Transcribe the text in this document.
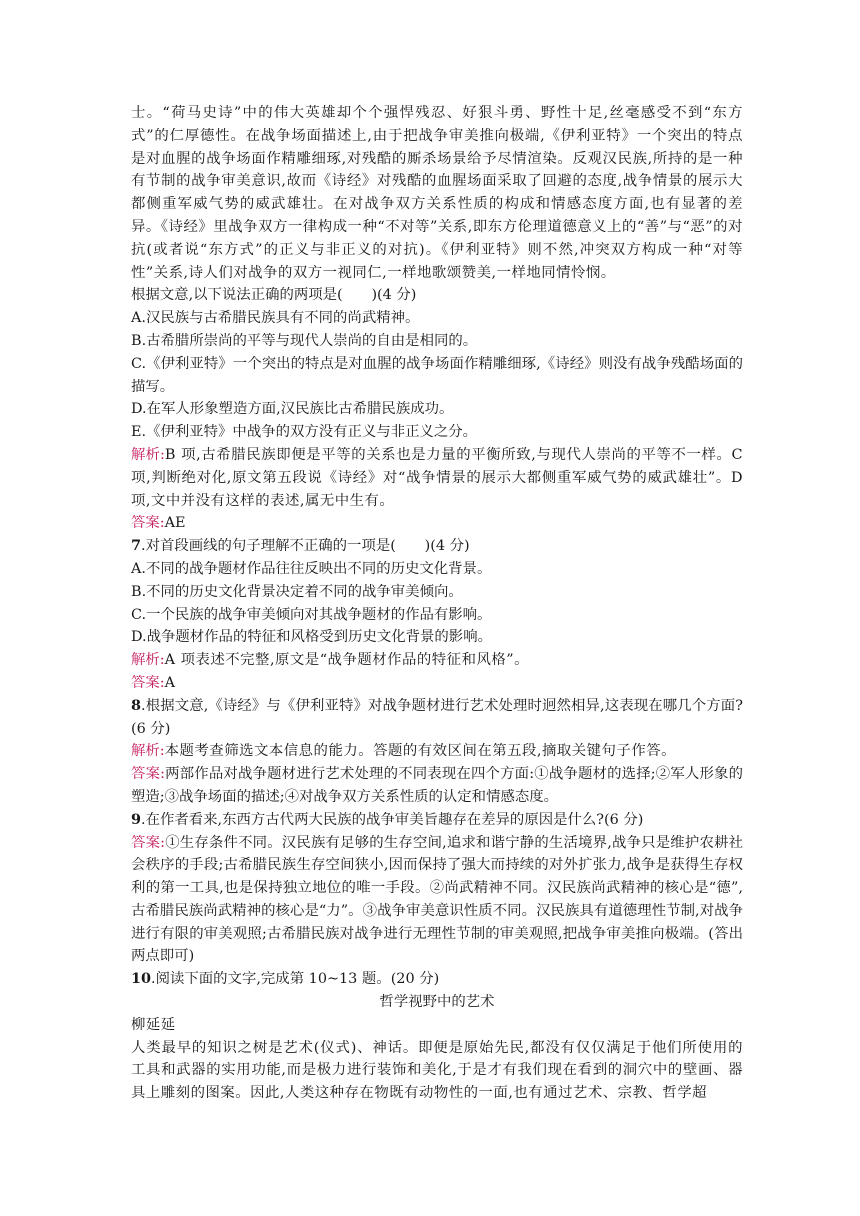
士。“荷马史诗”中的伟大英雄却个个强悍残忍、好狠斗勇、野性十足,丝毫感受不到“东方式”的仁厚德性。在战争场面描述上,由于把战争审美推向极端,《伊利亚特》一个突出的特点是对血腥的战争场面作精雕细琢,对残酷的厮杀场景给予尽情渲染。反观汉民族,所持的是一种有节制的战争审美意识,故而《诗经》对残酷的血腥场面采取了回避的态度,战争情景的展示大都侧重军威气势的威武雄壮。在对战争双方关系性质的构成和情感态度方面,也有显著的差异。《诗经》里战争双方一律构成一种“不对等”关系,即东方伦理道德意义上的“善”与“恶”的对抗(或者说“东方式”的正义与非正义的对抗)。《伊利亚特》则不然,冲突双方构成一种“对等性”关系,诗人们对战争的双方一视同仁,一样地歌颂赞美,一样地同情怜悯。

根据文意,以下说法正确的两项是(　　)(4 分)

A.汉民族与古希腊民族具有不同的尚武精神。

B.古希腊所崇尚的平等与现代人崇尚的自由是相同的。

C.《伊利亚特》一个突出的特点是对血腥的战争场面作精雕细琢,《诗经》则没有战争残酷场面的描写。

D.在军人形象塑造方面,汉民族比古希腊民族成功。

E.《伊利亚特》中战争的双方没有正义与非正义之分。

解析:B 项,古希腊民族即便是平等的关系也是力量的平衡所致,与现代人崇尚的平等不一样。C 项,判断绝对化,原文第五段说《诗经》对“战争情景的展示大都侧重军威气势的威武雄壮”。D 项,文中并没有这样的表述,属无中生有。

答案:AE

7.对首段画线的句子理解不正确的一项是(　　)(4 分)

A.不同的战争题材作品往往反映出不同的历史文化背景。

B.不同的历史文化背景决定着不同的战争审美倾向。

C.一个民族的战争审美倾向对其战争题材的作品有影响。

D.战争题材作品的特征和风格受到历史文化背景的影响。

解析:A 项表述不完整,原文是“战争题材作品的特征和风格”。

答案:A

8.根据文意,《诗经》与《伊利亚特》对战争题材进行艺术处理时迥然相异,这表现在哪几个方面?(6 分)

解析:本题考查筛选文本信息的能力。答题的有效区间在第五段,摘取关键句子作答。

答案:两部作品对战争题材进行艺术处理的不同表现在四个方面:①战争题材的选择;②军人形象的塑造;③战争场面的描述;④对战争双方关系性质的认定和情感态度。

9.在作者看来,东西方古代两大民族的战争审美旨趣存在差异的原因是什么?(6 分)

答案:①生存条件不同。汉民族有足够的生存空间,追求和谐宁静的生活境界,战争只是维护农耕社会秩序的手段;古希腊民族生存空间狭小,因而保持了强大而持续的对外扩张力,战争是获得生存权利的第一工具,也是保持独立地位的唯一手段。②尚武精神不同。汉民族尚武精神的核心是“德”,古希腊民族尚武精神的核心是“力”。③战争审美意识性质不同。汉民族具有道德理性节制,对战争进行有限的审美观照;古希腊民族对战争进行无理性节制的审美观照,把战争审美推向极端。(答出两点即可)

10.阅读下面的文字,完成第 10~13 题。(20 分)

哲学视野中的艺术

柳延延

人类最早的知识之树是艺术(仪式)、神话。即便是原始先民,都没有仅仅满足于他们所使用的工具和武器的实用功能,而是极力进行装饰和美化,于是才有我们现在看到的洞穴中的壁画、器具上雕刻的图案。因此,人类这种存在物既有动物性的一面,也有通过艺术、宗教、哲学超
